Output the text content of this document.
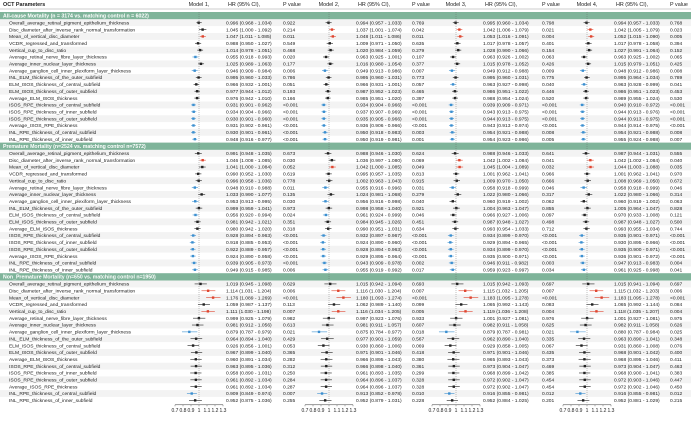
OCT Parameters	Model 1,	HR (95% CI),	P value	Model 2,	HR (95% CI),	P value	Model 3,	HR (95% CI),	P value	Model 4,	HR (95% CI),	P value
All-cause Mortality (n = 3174 vs. matching control n = 6022)
Overall_average_retinal_pigment_epithelium_thickness	0.996 (0.968 - 1.034) 0.922	0.994 (0.957 - 1.033) 0.769	0.995 (0.960 - 1.034)	0.798	0.994 (0.957 - 1.033) 0.768
Disc_diameter_after_inverse_rank_normal_transformation	1.045 (1.000 - 1.092) 0.214	1.037 (1.001 - 1.074) 0.042	1.042 (1.006 - 1.079)	0.021	1.042 (1.005 - 1.079) 0.023
Mean_of_vertical_disc_diameter	1.047 (1.011 - 1.085) 0.011	1.048 (1.011 - 1.086) 0.011	1.053 (1.016 - 1.091)	0.004	1.052 (1.015 - 1.090) 0.005
VCDR_regressed_and_transformed	0.988 (0.950 - 1.027) 0.549	1.009 (0.971 - 1.050) 0.635	1.017 (0.978 - 1.057)	0.401	1.017 (0.978 - 1.058) 0.394
Vertical_cup_to_disc_ratio	1.014 (0.978 - 1.051) 0.468	1.020 (0.984 - 1.059) 0.279	1.028 (0.990 - 1.066)	0.154	1.027 (0.991 - 1.064) 0.152
Average_retinal_nerve_fibre_layer_thickness	0.955 (0.918 - 0.993) 0.020	0.963 (0.925 - 1.001) 0.107	0.963 (0.926 - 1.002)	0.063	0.963 (0.925 - 1.002) 0.065
Average_inner_nuclear_layer_thickness	1.025 (0.989 - 1.063) 0.177	1.016 (0.980 - 1.054) 0.377	1.015 (0.978 - 1.052)	0.426	1.015 (0.979 - 1.051) 0.425
Average_ganglion_cell_inner_plexiform_layer_thickness	0.946 (0.909 - 0.984) 0.006	0.949 (0.913 - 0.986) 0.007	0.949 (0.912 - 0.988)	0.009	0.948 (0.912 - 0.986) 0.008
INL_ELM_thickness_of_the_outer_subfield	0.995 (0.960 - 1.033) 0.786	0.995 (0.960 - 1.031) 0.773	0.995 (0.960 - 1.031)	0.775	0.995 (0.964 - 1.034) 0.789
ELM_ISOS_thickness_of_central_subfield	0.966 (0.932 - 1.001) 0.051	0.966 (0.931 - 1.001) 0.057	0.963 (0.927 - 0.998)	0.040	0.963 (0.928 - 0.999) 0.041
ELM_ISOS_thickness_of_outer_subfield	0.977 (0.944 - 1.012) 0.193	0.987 (0.952 - 1.023) 0.465	0.986 (0.951 - 1.022)	0.446	0.986 (0.951 - 1.023) 0.453
Average_ELM_ISOS_thickness	0.976 (0.942 - 1.010) 0.166	0.985 (0.951 - 1.020) 0.397	0.988 (0.954 - 1.024)	0.520	0.989 (0.955 - 1.024) 0.530
ISOS_RPE_thickness_of_central_subfield	0.931 (0.901 - 0.962) <0.001	0.934 (0.904 - 0.966) <0.001	0.939 (0.909 - 0.971)	<0.001	0.940 (0.910 - 0.972) <0.001
ISOS_RPE_thickness_of_inner_subfield	0.934 (0.904 - 0.966) <0.001	0.937 (0.907 - 0.969) <0.001	0.943 (0.913 - 0.975)	<0.001	0.944 (0.913 - 0.976) <0.001
ISOS_RPE_thickness_of_outer_subfield	0.930 (0.901 - 0.960) <0.001	0.935 (0.905 - 0.966) <0.001	0.944 (0.913 - 0.975)	<0.001	0.944 (0.913 - 0.975) <0.001
Average_ISOS_RPE_thickness	0.931 (0.902 - 0.961) <0.001	0.936 (0.906 - 0.966) <0.001	0.943 (0.913 - 0.974)	<0.001	0.944 (0.914 - 0.975) <0.001
INL_RPE_thickness_of_central_subfield	0.930 (0.901 - 0.961) <0.001	0.950 (0.918 - 0.983) 0.003	0.954 (0.921 - 0.988)	0.008	0.954 (0.921 - 0.988) 0.008
INL_RPE_thickness_of_inner_subfield	0.948 (0.916 - 0.977) <0.001	0.950 (0.919 - 0.981) 0.001	0.954 (0.923 - 0.986)	0.005	0.955 (0.924 - 0.988) 0.007
Premature Mortality (n=2524 vs. matching control n=7572)
Overall_average_retinal_pigment_epithelium_thickness	0.991 (0.948 - 1.035) 0.673	0.988 (0.946 - 1.030) 0.624	0.988 (0.946 - 1.033)	0.641	0.987 (0.944 - 1.031) 0.555
Disc_diameter_after_inverse_rank_normal_transformation	1.046 (1.008 - 1.085) 0.030	1.036 (0.997 - 1.080) 0.069	1.042 (1.002 - 1.084)	0.041	1.042 (1.002 - 1.084) 0.040
Mean_of_vertical_disc_diameter	1.041 (1.000 - 1.084) 0.052	1.042 (1.000 - 1.085) 0.049	1.045 (1.004 - 1.089)	0.032	1.044 (1.003 - 1.088) 0.035
VCDR_regressed_and_transformed	0.990 (0.952 - 1.030) 0.619	0.995 (0.957 - 1.035) 0.813	1.001 (0.962 - 1.041)	0.966	1.001 (0.962 - 1.041) 0.970
Vertical_cup_to_disc_ratio	0.996 (0.958 - 1.036) 0.778	1.002 (0.963 - 1.043) 0.915	1.009 (0.970 - 1.050)	0.666	1.008 (0.969 - 1.050) 0.672
Average_retinal_nerve_fibre_layer_thickness	0.948 (0.910 - 0.988) 0.011	0.955 (0.916 - 0.996) 0.031	0.958 (0.918 - 0.999)	0.046	0.958 (0.918 - 0.999) 0.046
Average_inner_nuclear_layer_thickness	1.033 (0.990 - 1.077) 0.135	1.024 (0.981 - 1.068) 0.279	1.022 (0.980 - 1.066)	0.317	1.022 (0.980 - 1.066) 0.314
Average_ganglion_cell_inner_plexiform_layer_thickness	0.953 (0.913 - 0.995) 0.030	0.956 (0.916 - 0.998) 0.040	0.960 (0.919 - 1.002)	0.062	0.960 (0.919 - 1.002) 0.063
INL_ELM_thickness_of_the_outer_subfield	0.999 (0.959 - 1.041) 0.973	0.998 (0.958 - 1.040) 0.921	1.004 (0.963 - 1.047)	0.855	1.005 (0.964 - 1.047) 0.828
ELM_ISOS_thickness_of_central_subfield	0.956 (0.920 - 0.994) 0.024	0.961 (0.924 - 0.999) 0.046	0.966 (0.927 - 1.006)	0.097	0.970 (0.933 - 1.008) 0.121
ELM_ISOS_thickness_of_outer_subfield	0.981 (0.942 - 1.021) 0.351	0.984 (0.945 - 1.026) 0.451	0.987 (0.948 - 1.027)	0.498	0.987 (0.948 - 1.027) 0.500
Average_ELM_ISOS_thickness	0.980 (0.942 - 1.020) 0.318	0.990 (0.951 - 1.031) 0.634	0.993 (0.954 - 1.033)	0.712	0.993 (0.955 - 1.034) 0.744
ISOS_RPE_thickness_of_central_subfield	0.928 (0.894 - 0.963) <0.001	0.932 (0.897 - 0.967) <0.001	0.934 (0.899 - 0.970)	<0.001	0.935 (0.901 - 0.971) <0.001
ISOS_RPE_thickness_of_inner_subfield	0.918 (0.885 - 0.953) <0.001	0.924 (0.890 - 0.960) <0.001	0.929 (0.894 - 0.965)	<0.001	0.930 (0.895 - 0.966) <0.001
ISOS_RPE_thickness_of_outer_subfield	0.922 (0.889 - 0.957) <0.001	0.928 (0.894 - 0.963) <0.001	0.934 (0.899 - 0.970)	<0.001	0.935 (0.900 - 0.971) <0.001
Average_ISOS_RPE_thickness	0.924 (0.890 - 0.958) <0.001	0.929 (0.895 - 0.964) <0.001	0.935 (0.900 - 0.971)	<0.001	0.936 (0.901 - 0.972) <0.001
INL_RPE_thickness_of_central_subfield	0.939 (0.905 - 0.973) <0.001	0.943 (0.909 - 0.978) 0.002	0.946 (0.911 - 0.982)	0.003	0.947 (0.913 - 0.983) 0.004
INL_RPE_thickness_of_inner_subfield	0.949 (0.915 - 0.985) 0.006	0.955 (0.919 - 0.992) 0.017	0.959 (0.923 - 0.997)	0.034	0.961 (0.925 - 0.998) 0.041
Non_Premature Mortality (n=650 vs. matching control n=1950)
Overall_average_retinal_pigment_epithelium_thickness	1.019 (0.945 - 1.098) 0.629	1.015 (0.942 - 1.094) 0.693	1.015 (0.942 - 1.093)	0.697	1.015 (0.941 - 1.094) 0.697
Disc_diameter_after_inverse_rank_normal_transformation	1.114 (1.031 - 1.204) 0.006	1.116 (1.030 - 1.204) 0.007	1.115 (1.032 - 1.205)	0.007	1.115 (1.032 - 1.203) 0.006
Mean_of_vertical_disc_diameter	1.176 (1.089 - 1.269) <0.001	1.180 (1.093 - 1.274) <0.001	1.183 (1.095 - 1.278)	<0.001	1.183 (1.095 - 1.278) <0.001
VCDR_regressed_and_transformed	1.059 (0.987 - 1.137) 0.113	1.062 (0.989 - 1.140) 0.099	1.065 (0.992 - 1.143)	0.083	1.065 (0.992 - 1.144) 0.084
Vertical_cup_to_disc_ratio	1.111 (1.030 - 1.198) 0.007	1.116 (1.034 - 1.205) 0.005	1.119 (1.036 - 1.208)	0.004	1.118 (1.035 - 1.207) 0.004
Average_retinal_nerve_fibre_layer_thickness	0.999 (0.925 - 1.079) 0.982	0.997 (0.923 - 1.076) 0.933	1.001 (0.927 - 1.081)	0.976	1.001 (0.927 - 1.081) 0.975
Average_inner_nuclear_layer_thickness	0.981 (0.912 - 1.056) 0.613	0.981 (0.911 - 1.057) 0.607	0.982 (0.911 - 1.058)	0.625	0.982 (0.911 - 1.058) 0.626
Average_ganglion_cell_inner_plexiform_layer_thickness	0.879 (0.787 - 0.979) 0.021	0.875 (0.784 - 0.977) 0.018	0.879 (0.787 - 0.981)	0.021	0.880 (0.787 - 0.984) 0.025
INL_ELM_thickness_of_the_outer_subfield	0.964 (0.894 - 1.040) 0.429	0.977 (0.901 - 1.059) 0.567	0.962 (0.890 - 1.040)	0.335	0.963 (0.890 - 1.041) 0.348
ELM_ISOS_thickness_of_central_subfield	0.926 (0.856 - 1.001) 0.053	0.930 (0.860 - 1.006) 0.069	0.929 (0.858 - 1.005)	0.067	0.931 (0.860 - 1.008) 0.076
ELM_ISOS_thickness_of_outer_subfield	0.967 (0.899 - 1.040) 0.365	0.971 (0.901 - 1.046) 0.418	0.971 (0.901 - 1.046)	0.435	0.968 (0.901 - 1.042) 0.400
Average_ELM_ISOS_thickness	0.960 (0.891 - 1.034) 0.282	0.966 (0.895 - 1.043) 0.380	0.965 (0.893 - 1.043)	0.373	0.968 (0.895 - 1.046) 0.411
ISOS_RPE_thickness_of_central_subfield	0.963 (0.895 - 1.036) 0.312	0.966 (0.898 - 1.040) 0.361	0.973 (0.904 - 1.047)	0.469	0.973 (0.904 - 1.047) 0.463
ISOS_RPE_thickness_of_inner_subfield	0.958 (0.890 - 1.031) 0.250	0.961 (0.893 - 1.035) 0.299	0.968 (0.899 - 1.042)	0.385	0.968 (0.900 - 1.041) 0.383
ISOS_RPE_thickness_of_outer_subfield	0.961 (0.892 - 1.034) 0.284	0.964 (0.896 - 1.037) 0.328	0.972 (0.902 - 1.047)	0.454	0.972 (0.903 - 1.046) 0.447
Average_ISOS_RPE_thickness	0.961 (0.892 - 1.034) 0.287	0.964 (0.896 - 1.037) 0.328	0.972 (0.902 - 1.047)	0.454	0.972 (0.902 - 1.046) 0.450
INL_RPE_thickness_of_central_subfield	0.909 (0.849 - 0.974) 0.007	0.913 (0.852 - 0.978) 0.010	0.916 (0.855 - 0.981)	0.012	0.916 (0.855 - 0.981) 0.012
INL_RPE_thickness_of_inner_subfield	0.952 (0.875 - 1.036) 0.255	0.952 (0.879 - 1.031) 0.228	0.952 (0.884 - 1.025)	0.201	0.952 (0.881 - 1.029) 0.215
0.7 0.8 0.9 1 1.1 1.2 1.3	0.7 0.8 0.9 1 1.1 1.2 1.3	0.7 0.8 0.9 1 1.1 1.2 1.3	0.7 0.8 0.9 1 1.1 1.2 1.3
